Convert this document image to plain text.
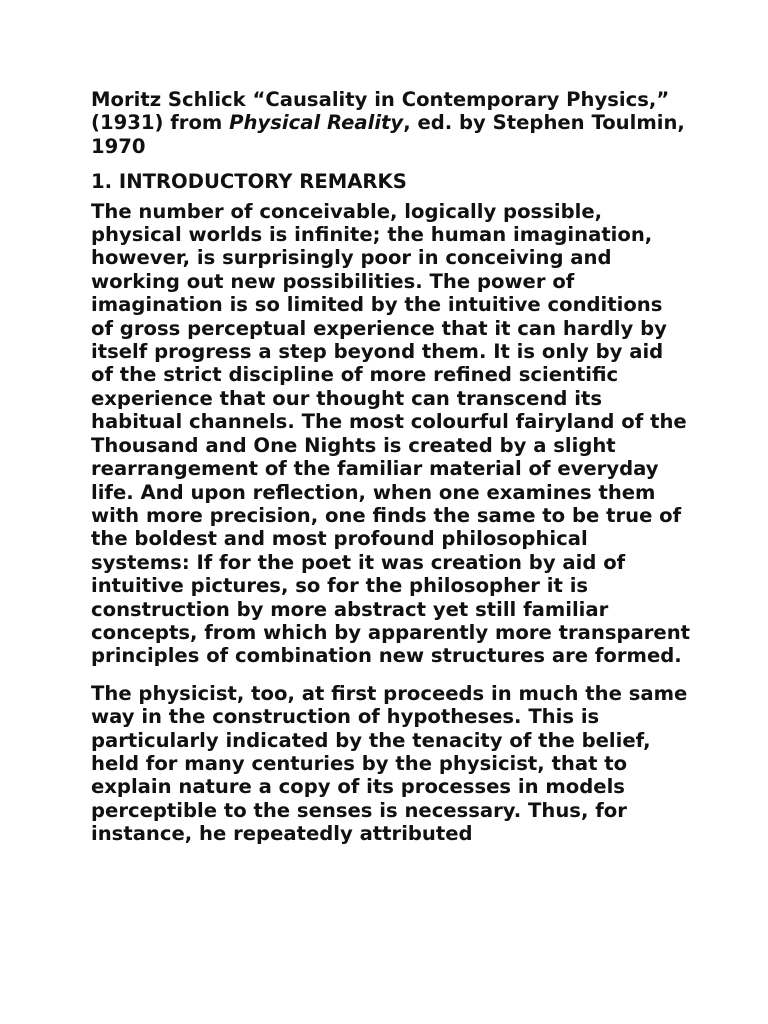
Moritz Schlick “Causality in Contemporary Physics,” (1931) from Physical Reality, ed. by Stephen Toulmin, 1970
1. INTRODUCTORY REMARKS

The number of conceivable, logically possible, physical worlds is infinite; the human imagination, however, is surprisingly poor in conceiving and working out new possibilities. The power of imagination is so limited by the intuitive conditions of gross perceptual experience that it can hardly by itself progress a step beyond them. It is only by aid of the strict discipline of more refined scientific experience that our thought can transcend its habitual channels. The most colourful fairyland of the Thousand and One Nights is created by a slight rearrangement of the familiar material of everyday life. And upon reflection, when one examines them with more precision, one finds the same to be true of the boldest and most profound philosophical systems: If for the poet it was creation by aid of intuitive pictures, so for the philosopher it is construction by more abstract yet still familiar concepts, from which by apparently more transparent principles of combination new structures are formed.

The physicist, too, at first proceeds in much the same way in the construction of hypotheses. This is particularly indicated by the tenacity of the belief, held for many centuries by the physicist, that to explain nature a copy of its processes in models perceptible to the senses is necessary. Thus, for instance, he repeatedly attributed
